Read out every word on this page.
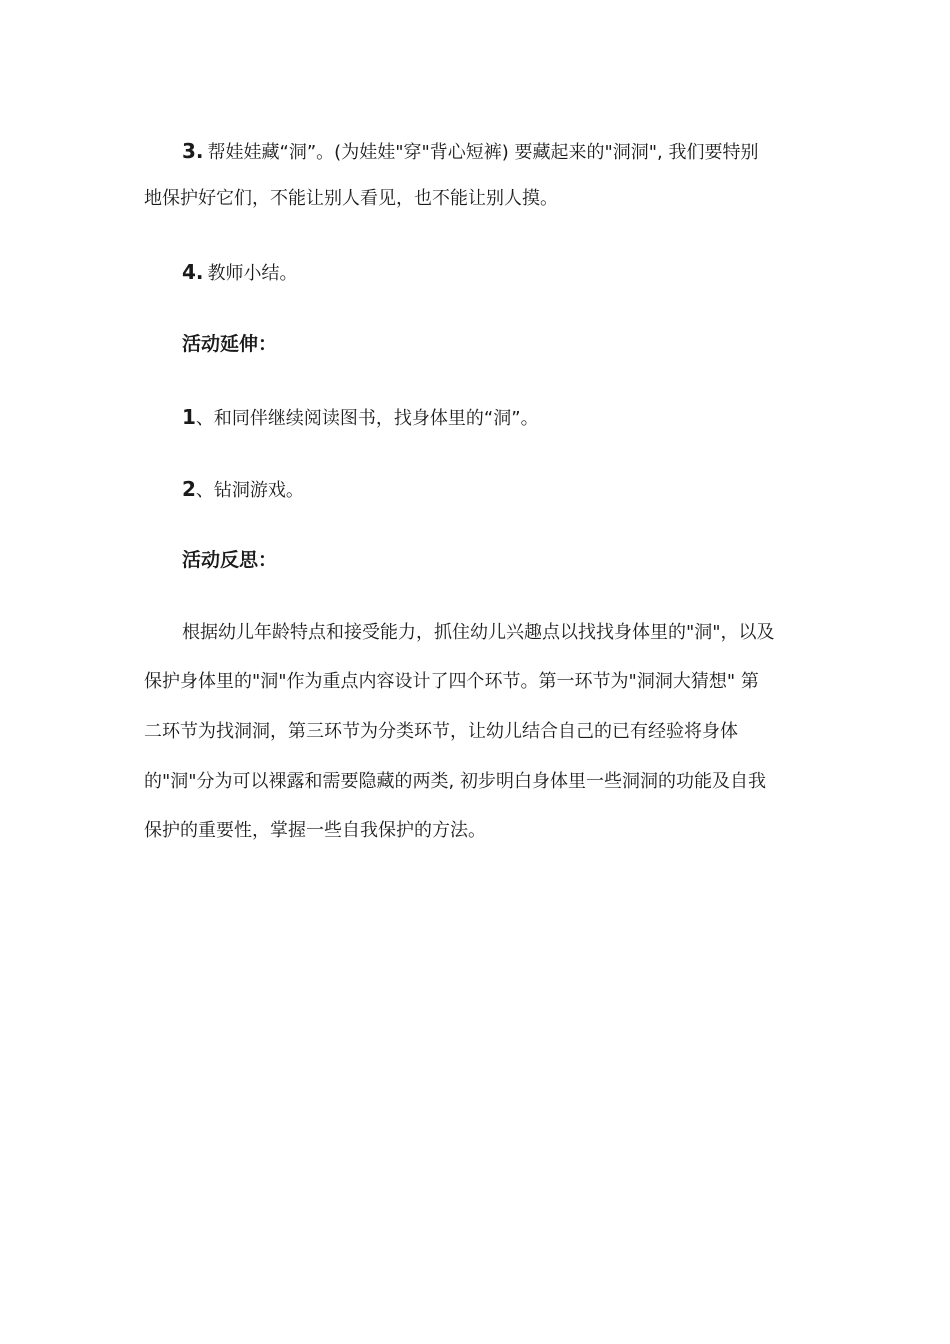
3. 帮娃娃藏“洞”。(为娃娃"穿"背心短裤) 要藏起来的"洞洞", 我们要特别
地保护好它们，不能让别人看见，也不能让别人摸。
4. 教师小结。
活动延伸：
1、和同伴继续阅读图书，找身体里的“洞”。
2、钻洞游戏。
活动反思：
根据幼儿年龄特点和接受能力，抓住幼儿兴趣点以找找身体里的"洞"，以及
保护身体里的"洞"作为重点内容设计了四个环节。第一环节为"洞洞大猜想" 第
二环节为找洞洞，第三环节为分类环节，让幼儿结合自己的已有经验将身体
的"洞"分为可以裸露和需要隐藏的两类, 初步明白身体里一些洞洞的功能及自我
保护的重要性，掌握一些自我保护的方法。
